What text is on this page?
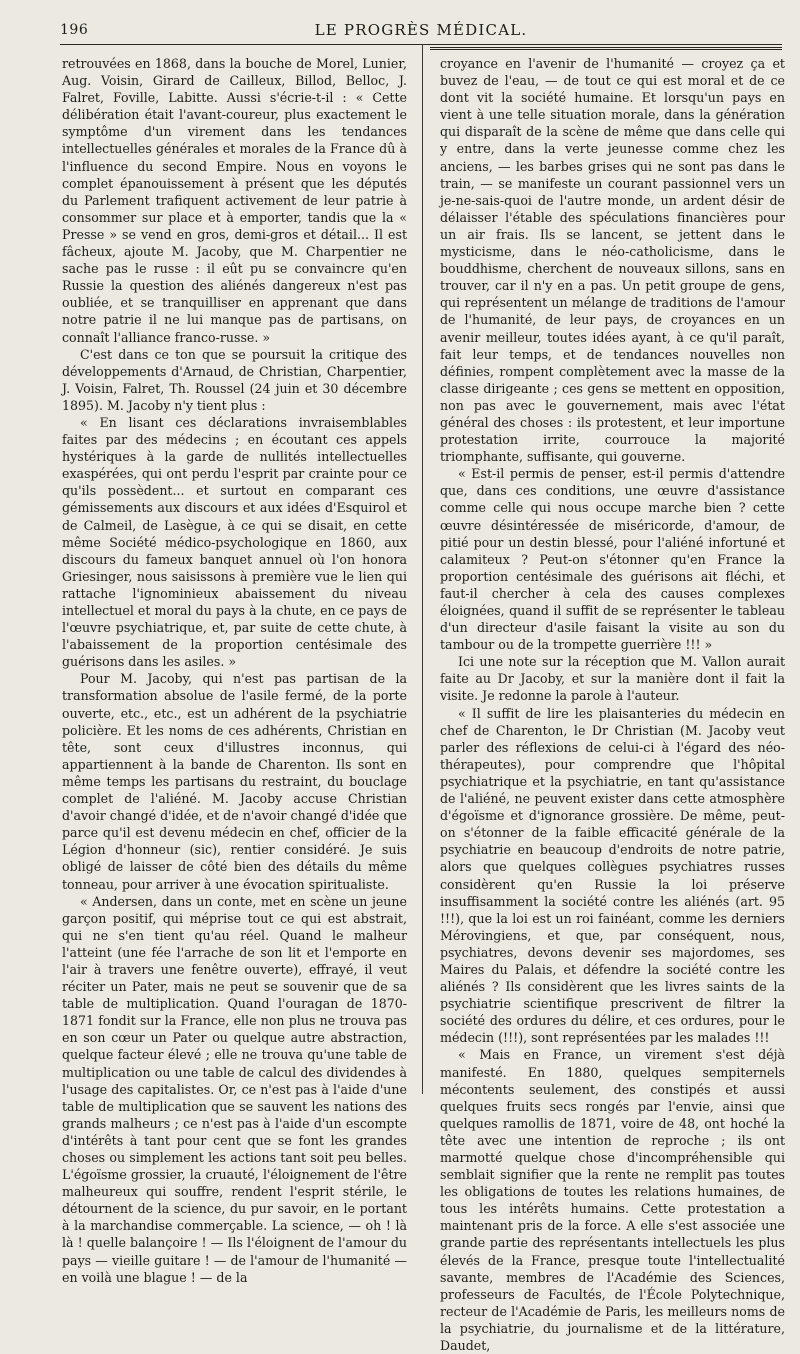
196	LE PROGRÈS MÉDICAL.

retrouvées en 1868, dans la bouche de Morel, Lunier, Aug. Voisin, Girard de Cailleux, Billod, Belloc, J. Falret, Foville, Labitte. Aussi s'écrie-t-il : « Cette délibération était l'avant-coureur, plus exactement le symptôme d'un virement dans les tendances intellectuelles générales et morales de la France dû à l'influence du second Empire. Nous en voyons le complet épanouissement à présent que les députés du Parlement trafiquent activement de leur patrie à consommer sur place et à emporter, tandis que la « Presse » se vend en gros, demi-gros et détail... Il est fâcheux, ajoute M. Jacoby, que M. Charpentier ne sache pas le russe : il eût pu se convaincre qu'en Russie la question des aliénés dangereux n'est pas oubliée, et se tranquilliser en apprenant que dans notre patrie il ne lui manque pas de partisans, on connaît l'alliance franco-russe. »

C'est dans ce ton que se poursuit la critique des développements d'Arnaud, de Christian, Charpentier, J. Voisin, Falret, Th. Roussel (24 juin et 30 décembre 1895). M. Jacoby n'y tient plus :

« En lisant ces déclarations invraisemblables faites par des médecins ; en écoutant ces appels hystériques à la garde de nullités intellectuelles exaspérées, qui ont perdu l'esprit par crainte pour ce qu'ils possèdent... et surtout en comparant ces gémissements aux discours et aux idées d'Esquirol et de Calmeil, de Lasègue, à ce qui se disait, en cette même Société médico-psychologique en 1860, aux discours du fameux banquet annuel où l'on honora Griesinger, nous saisissons à première vue le lien qui rattache l'ignominieux abaissement du niveau intellectuel et moral du pays à la chute, en ce pays de l'œuvre psychiatrique, et, par suite de cette chute, à l'abaissement de la proportion centésimale des guérisons dans les asiles. »

Pour M. Jacoby, qui n'est pas partisan de la transformation absolue de l'asile fermé, de la porte ouverte, etc., etc., est un adhérent de la psychiatrie policière. Et les noms de ces adhérents, Christian en tête, sont ceux d'illustres inconnus, qui appartiennent à la bande de Charenton. Ils sont en même temps les partisans du restraint, du bouclage complet de l'aliéné. M. Jacoby accuse Christian d'avoir changé d'idée, et de n'avoir changé d'idée que parce qu'il est devenu médecin en chef, officier de la Légion d'honneur (sic), rentier considéré. Je suis obligé de laisser de côté bien des détails du même tonneau, pour arriver à une évocation spiritualiste.

« Andersen, dans un conte, met en scène un jeune garçon positif, qui méprise tout ce qui est abstrait, qui ne s'en tient qu'au réel. Quand le malheur l'atteint (une fée l'arrache de son lit et l'emporte en l'air à travers une fenêtre ouverte), effrayé, il veut réciter un Pater, mais ne peut se souvenir que de sa table de multiplication. Quand l'ouragan de 1870-1871 fondit sur la France, elle non plus ne trouva pas en son cœur un Pater ou quelque autre abstraction, quelque facteur élevé ; elle ne trouva qu'une table de multiplication ou une table de calcul des dividendes à l'usage des capitalistes. Or, ce n'est pas à l'aide d'une table de multiplication que se sauvent les nations des grands malheurs ; ce n'est pas à l'aide d'un escompte d'intérêts à tant pour cent que se font les grandes choses ou simplement les actions tant soit peu belles. L'égoïsme grossier, la cruauté, l'éloignement de l'être malheureux qui souffre, rendent l'esprit stérile, le détournent de la science, du pur savoir, en le portant à la marchandise commerçable. La science, — oh ! là là ! quelle balançoire ! — Ils l'éloignent de l'amour du pays — vieille guitare ! — de l'amour de l'humanité — en voilà une blague ! — de la

croyance en l'avenir de l'humanité — croyez ça et buvez de l'eau, — de tout ce qui est moral et de ce dont vit la société humaine. Et lorsqu'un pays en vient à une telle situation morale, dans la génération qui disparaît de la scène de même que dans celle qui y entre, dans la verte jeunesse comme chez les anciens, — les barbes grises qui ne sont pas dans le train, — se manifeste un courant passionnel vers un je-ne-sais-quoi de l'autre monde, un ardent désir de délaisser l'étable des spéculations financières pour un air frais. Ils se lancent, se jettent dans le mysticisme, dans le néo-catholicisme, dans le bouddhisme, cherchent de nouveaux sillons, sans en trouver, car il n'y en a pas. Un petit groupe de gens, qui représentent un mélange de traditions de l'amour de l'humanité, de leur pays, de croyances en un avenir meilleur, toutes idées ayant, à ce qu'il paraît, fait leur temps, et de tendances nouvelles non définies, rompent complètement avec la masse de la classe dirigeante ; ces gens se mettent en opposition, non pas avec le gouvernement, mais avec l'état général des choses : ils protestent, et leur importune protestation irrite, courrouce la majorité triomphante, suffisante, qui gouverne.

« Est-il permis de penser, est-il permis d'attendre que, dans ces conditions, une œuvre d'assistance comme celle qui nous occupe marche bien ? cette œuvre désintéressée de miséricorde, d'amour, de pitié pour un destin blessé, pour l'aliéné infortuné et calamiteux ? Peut-on s'étonner qu'en France la proportion centésimale des guérisons ait fléchi, et faut-il chercher à cela des causes complexes éloignées, quand il suffit de se représenter le tableau d'un directeur d'asile faisant la visite au son du tambour ou de la trompette guerrière !!! »

Ici une note sur la réception que M. Vallon aurait faite au Dr Jacoby, et sur la manière dont il fait la visite. Je redonne la parole à l'auteur.

« Il suffit de lire les plaisanteries du médecin en chef de Charenton, le Dr Christian (M. Jacoby veut parler des réflexions de celui-ci à l'égard des néo-thérapeutes), pour comprendre que l'hôpital psychiatrique et la psychiatrie, en tant qu'assistance de l'aliéné, ne peuvent exister dans cette atmosphère d'égoïsme et d'ignorance grossière. De même, peut-on s'étonner de la faible efficacité générale de la psychiatrie en beaucoup d'endroits de notre patrie, alors que quelques collègues psychiatres russes considèrent qu'en Russie la loi préserve insuffisamment la société contre les aliénés (art. 95 !!!), que la loi est un roi fainéant, comme les derniers Mérovingiens, et que, par conséquent, nous, psychiatres, devons devenir ses majordomes, ses Maires du Palais, et défendre la société contre les aliénés ? Ils considèrent que les livres saints de la psychiatrie scientifique prescrivent de filtrer la société des ordures du délire, et ces ordures, pour le médecin (!!!), sont représentées par les malades !!!

« Mais en France, un virement s'est déjà manifesté. En 1880, quelques sempiternels mécontents seulement, des constipés et aussi quelques fruits secs rongés par l'envie, ainsi que quelques ramollis de 1871, voire de 48, ont hoché la tête avec une intention de reproche ; ils ont marmotté quelque chose d'incompréhensible qui semblait signifier que la rente ne remplit pas toutes les obligations de toutes les relations humaines, de tous les intérêts humains. Cette protestation a maintenant pris de la force. A elle s'est associée une grande partie des représentants intellectuels les plus élevés de la France, presque toute l'intellectualité savante, membres de l'Académie des Sciences, professeurs de Facultés, de l'École Polytechnique, recteur de l'Académie de Paris, les meilleurs noms de la psychiatrie, du journalisme et de la littérature, Daudet,
